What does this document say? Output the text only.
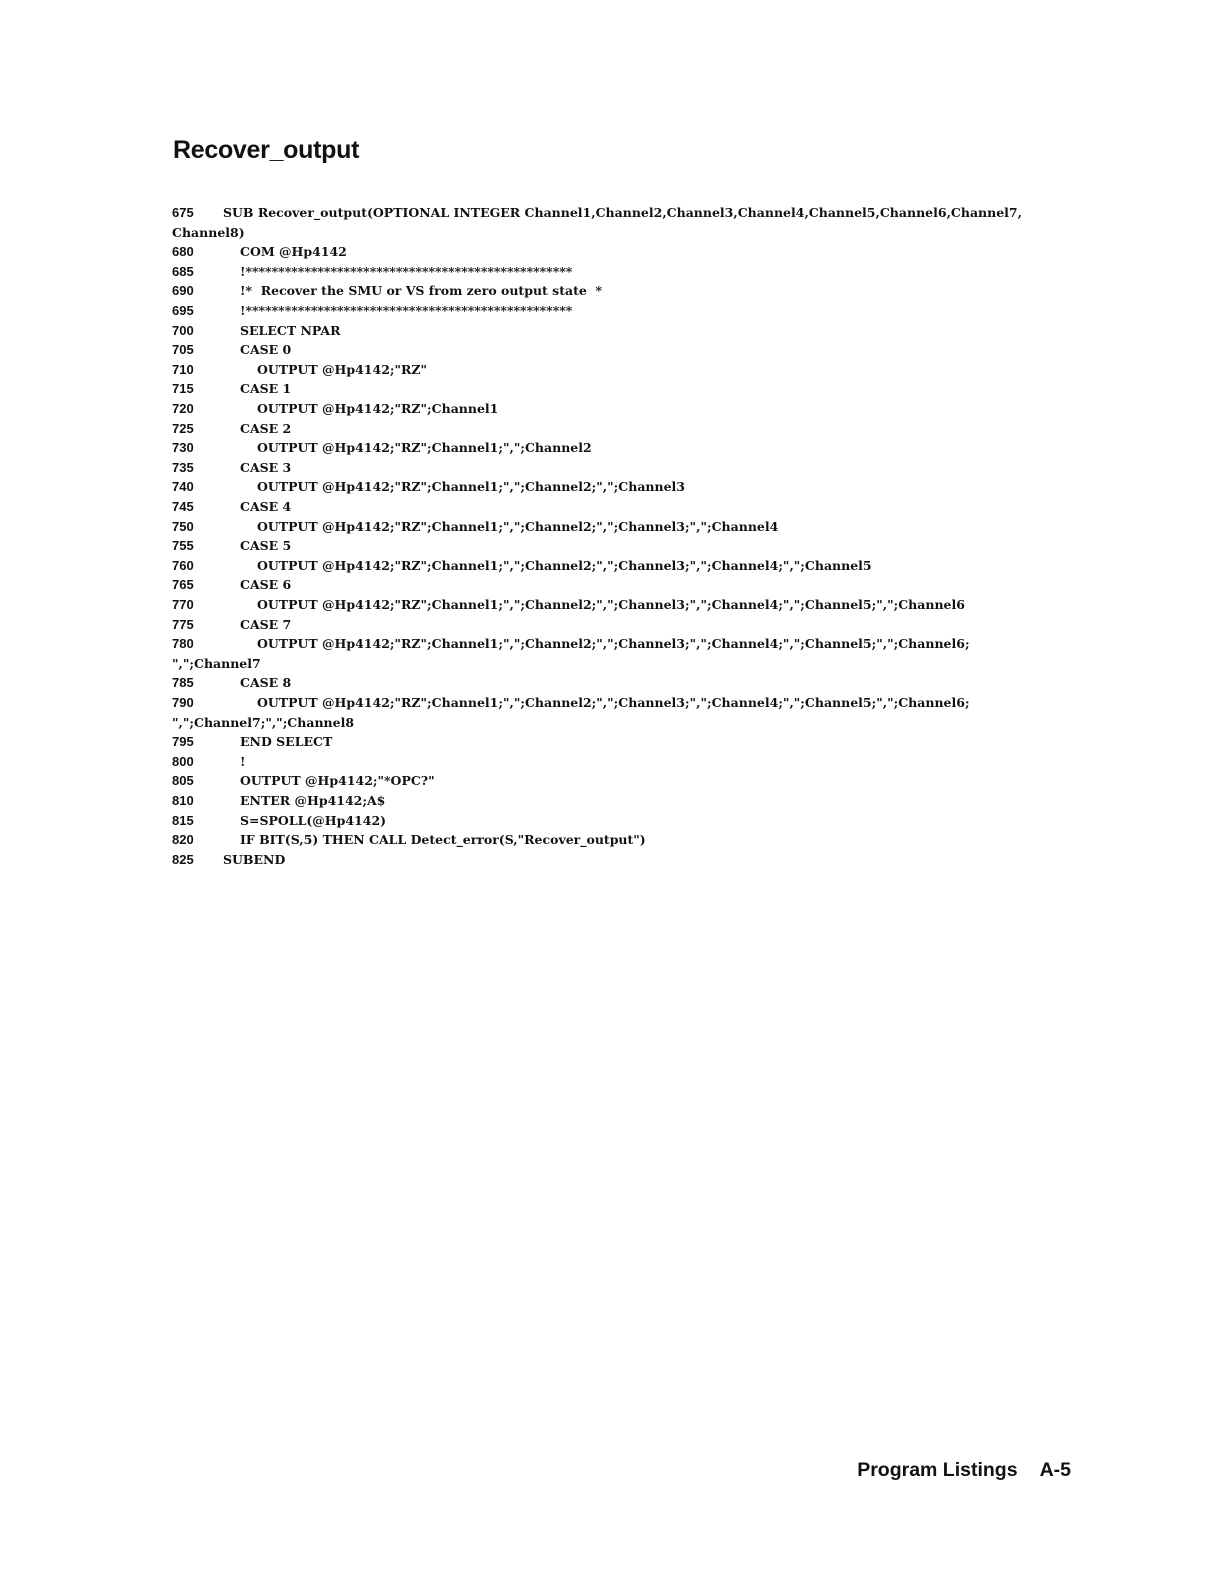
Recover_output
675 SUB Recover_output(OPTIONAL INTEGER Channel1,Channel2,Channel3,Channel4,Channel5,Channel6,Channel7,
Channel8)
680	COM @Hp4142
685	!**************************************************
690	!*  Recover the SMU or VS from zero output state  *
695	!**************************************************
700	SELECT NPAR
705	CASE 0
710	OUTPUT @Hp4142;"RZ"
715	CASE 1
720	OUTPUT @Hp4142;"RZ";Channel1
725	CASE 2
730	OUTPUT @Hp4142;"RZ";Channel1;",";Channel2
735	CASE 3
740	OUTPUT @Hp4142;"RZ";Channel1;",";Channel2;",";Channel3
745	CASE 4
750	OUTPUT @Hp4142;"RZ";Channel1;",";Channel2;",";Channel3;",";Channel4
755	CASE 5
760	OUTPUT @Hp4142;"RZ";Channel1;",";Channel2;",";Channel3;",";Channel4;",";Channel5
765	CASE 6
770	OUTPUT @Hp4142;"RZ";Channel1;",";Channel2;",";Channel3;",";Channel4;",";Channel5;",";Channel6
775	CASE 7
780	OUTPUT @Hp4142;"RZ";Channel1;",";Channel2;",";Channel3;",";Channel4;",";Channel5;",";Channel6;
",";Channel7
785	CASE 8
790	OUTPUT @Hp4142;"RZ";Channel1;",";Channel2;",";Channel3;",";Channel4;",";Channel5;",";Channel6;
",";Channel7;",";Channel8
795	END SELECT
800	!
805	OUTPUT @Hp4142;"*OPC?"
810	ENTER @Hp4142;A$
815	S=SPOLL(@Hp4142)
820	IF BIT(S,5) THEN CALL Detect_error(S,"Recover_output")
825 SUBEND
Program Listings A-5
